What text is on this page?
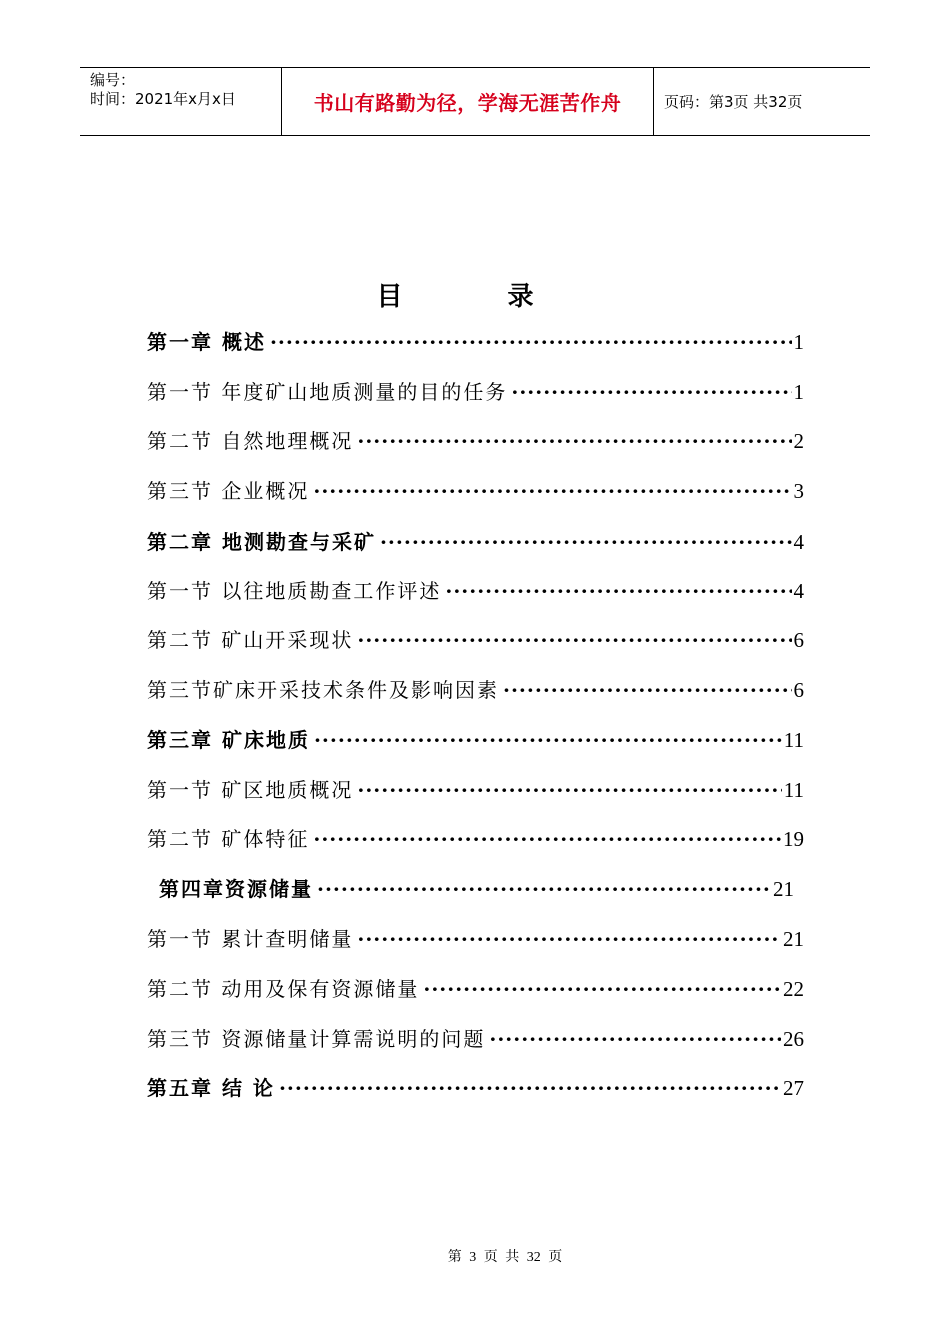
编号：
时间：2021年x月x日	书山有路勤为径，学海无涯苦作舟	页码：第3页 共32页
目 录
第一章 概述 ·····	1
第一节 年度矿山地质测量的目的任务 ·····	1
第二节 自然地理概况 ·····	2
第三节 企业概况 ·····	3
第二章 地测勘查与采矿 ·····	4
第一节 以往地质勘查工作评述 ·····	4
第二节 矿山开采现状 ·····	6
第三节矿床开采技术条件及影响因素 ·····	6
第三章 矿床地质 ·····	11
第一节 矿区地质概况 ·····	11
第二节 矿体特征 ·····	19
第四章资源储量 ·····	21
第一节 累计查明储量 ·····	21
第二节 动用及保有资源储量 ·····	22
第三节 资源储量计算需说明的问题 ·····	26
第五章 结 论 ·····	27
第 3 页 共 32 页
